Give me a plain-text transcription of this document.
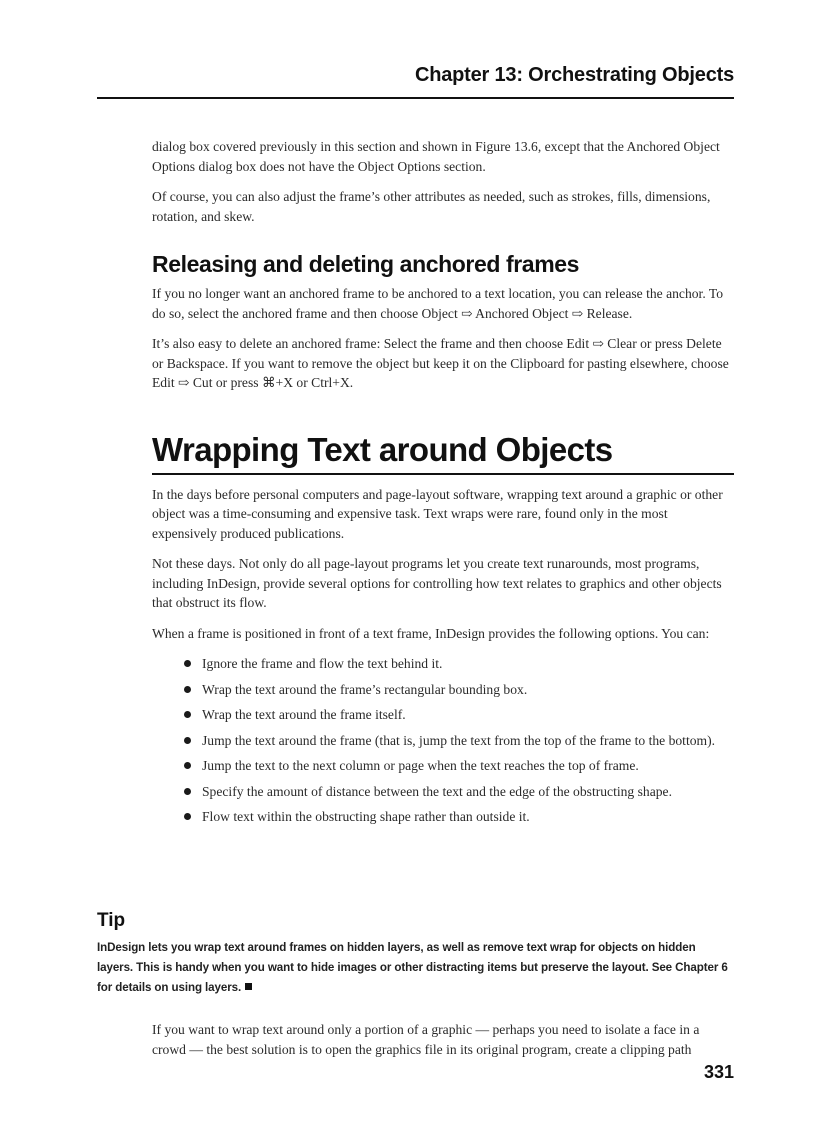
Chapter 13: Orchestrating Objects

dialog box covered previously in this section and shown in Figure 13.6, except that the Anchored Object Options dialog box does not have the Object Options section.

Of course, you can also adjust the frame’s other attributes as needed, such as strokes, fills, dimensions, rotation, and skew.

Releasing and deleting anchored frames

If you no longer want an anchored frame to be anchored to a text location, you can release the anchor. To do so, select the anchored frame and then choose Object ⇨ Anchored Object ⇨ Release.

It’s also easy to delete an anchored frame: Select the frame and then choose Edit ⇨ Clear or press Delete or Backspace. If you want to remove the object but keep it on the Clipboard for pasting elsewhere, choose Edit ⇨ Cut or press ⌘+X or Ctrl+X.

Wrapping Text around Objects

In the days before personal computers and page-layout software, wrapping text around a graphic or other object was a time-consuming and expensive task. Text wraps were rare, found only in the most expensively produced publications.

Not these days. Not only do all page-layout programs let you create text runarounds, most programs, including InDesign, provide several options for controlling how text relates to graphics and other objects that obstruct its flow.

When a frame is positioned in front of a text frame, InDesign provides the following options. You can:

Ignore the frame and flow the text behind it.
Wrap the text around the frame’s rectangular bounding box.
Wrap the text around the frame itself.
Jump the text around the frame (that is, jump the text from the top of the frame to the bottom).
Jump the text to the next column or page when the text reaches the top of frame.
Specify the amount of distance between the text and the edge of the obstructing shape.
Flow text within the obstructing shape rather than outside it.
Tip
InDesign lets you wrap text around frames on hidden layers, as well as remove text wrap for objects on hidden layers. This is handy when you want to hide images or other distracting items but preserve the layout. See Chapter 6 for details on using layers.

If you want to wrap text around only a portion of a graphic — perhaps you need to isolate a face in a crowd — the best solution is to open the graphics file in its original program, create a clipping path

331
